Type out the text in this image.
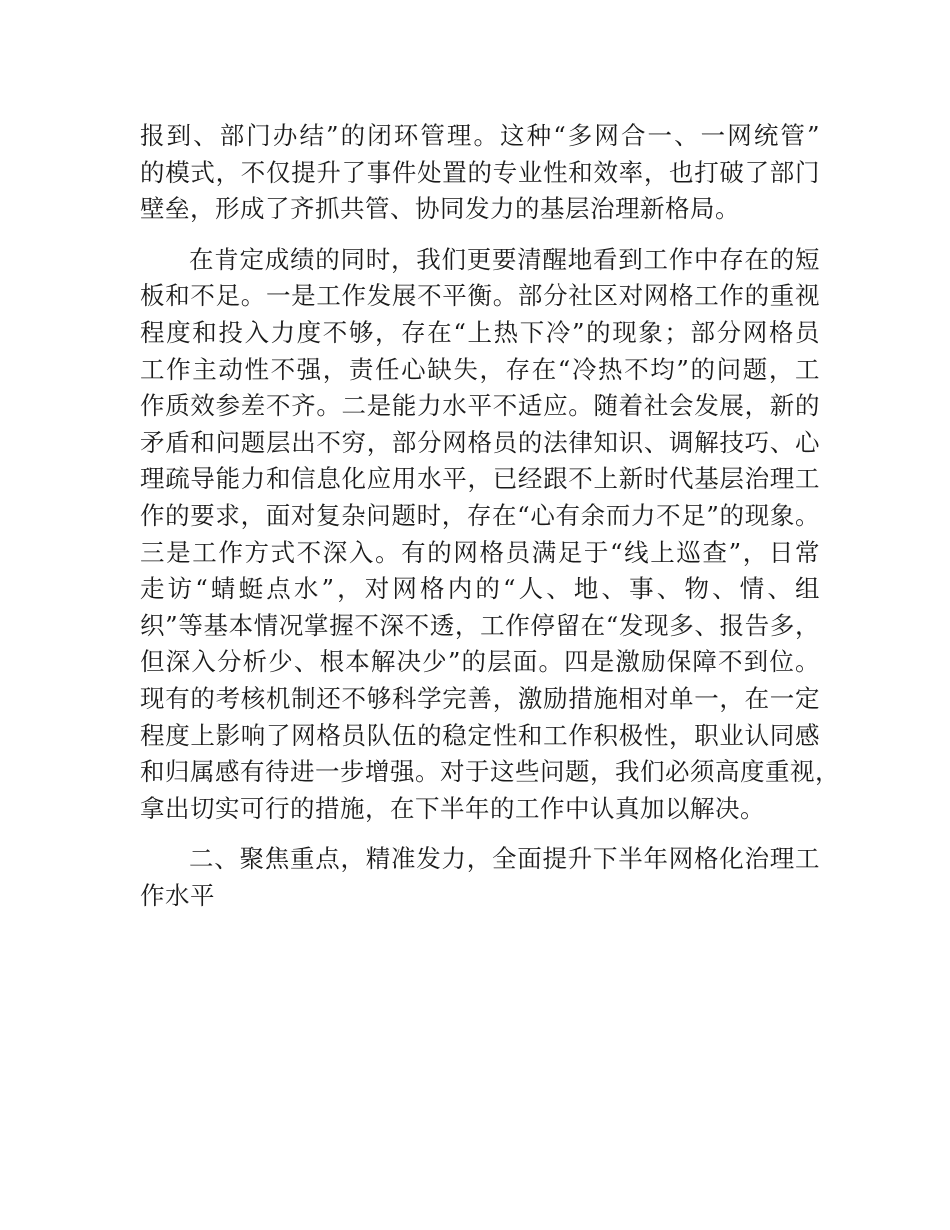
报到、部门办结”的闭环管理。这种“多网合一、一网统管”
的模式，不仅提升了事件处置的专业性和效率，也打破了部门
壁垒，形成了齐抓共管、协同发力的基层治理新格局。
在肯定成绩的同时，我们更要清醒地看到工作中存在的短
板和不足。一是工作发展不平衡。部分社区对网格工作的重视
程度和投入力度不够，存在“上热下冷”的现象；部分网格员
工作主动性不强，责任心缺失，存在“冷热不均”的问题，工
作质效参差不齐。二是能力水平不适应。随着社会发展，新的
矛盾和问题层出不穷，部分网格员的法律知识、调解技巧、心
理疏导能力和信息化应用水平，已经跟不上新时代基层治理工
作的要求，面对复杂问题时，存在“心有余而力不足”的现象。
三是工作方式不深入。有的网格员满足于“线上巡查”，日常
走访“蜻蜓点水”，对网格内的“人、地、事、物、情、组
织”等基本情况掌握不深不透，工作停留在“发现多、报告多，
但深入分析少、根本解决少”的层面。四是激励保障不到位。
现有的考核机制还不够科学完善，激励措施相对单一，在一定
程度上影响了网格员队伍的稳定性和工作积极性，职业认同感
和归属感有待进一步增强。对于这些问题，我们必须高度重视，
拿出切实可行的措施，在下半年的工作中认真加以解决。
二、聚焦重点，精准发力，全面提升下半年网格化治理工
作水平
